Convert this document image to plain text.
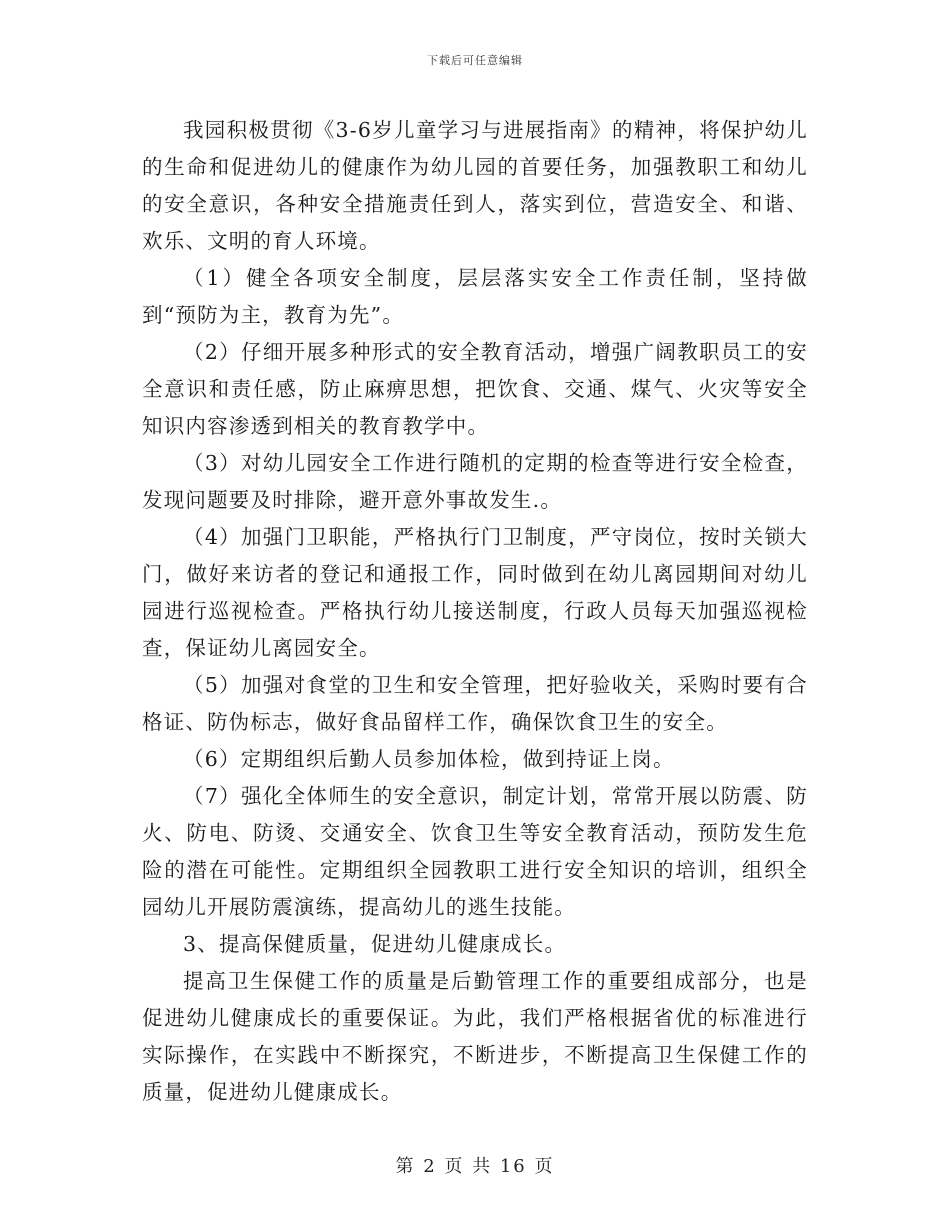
下载后可任意编辑

我园积极贯彻《3-6岁儿童学习与进展指南》的精神，将保护幼儿的生命和促进幼儿的健康作为幼儿园的首要任务，加强教职工和幼儿的安全意识，各种安全措施责任到人，落实到位，营造安全、和谐、欢乐、文明的育人环境。

（1）健全各项安全制度，层层落实安全工作责任制，坚持做到“预防为主，教育为先”。

（2）仔细开展多种形式的安全教育活动，增强广阔教职员工的安全意识和责任感，防止麻痹思想，把饮食、交通、煤气、火灾等安全知识内容渗透到相关的教育教学中。

（3）对幼儿园安全工作进行随机的定期的检查等进行安全检查，发现问题要及时排除，避开意外事故发生.。

（4）加强门卫职能，严格执行门卫制度，严守岗位，按时关锁大门，做好来访者的登记和通报工作，同时做到在幼儿离园期间对幼儿园进行巡视检查。严格执行幼儿接送制度，行政人员每天加强巡视检查，保证幼儿离园安全。

（5）加强对食堂的卫生和安全管理，把好验收关，采购时要有合格证、防伪标志，做好食品留样工作，确保饮食卫生的安全。

（6）定期组织后勤人员参加体检，做到持证上岗。

（7）强化全体师生的安全意识，制定计划，常常开展以防震、防火、防电、防烫、交通安全、饮食卫生等安全教育活动，预防发生危险的潜在可能性。定期组织全园教职工进行安全知识的培训，组织全园幼儿开展防震演练，提高幼儿的逃生技能。

3、提高保健质量，促进幼儿健康成长。

提高卫生保健工作的质量是后勤管理工作的重要组成部分，也是促进幼儿健康成长的重要保证。为此，我们严格根据省优的标准进行实际操作，在实践中不断探究，不断进步，不断提高卫生保健工作的质量，促进幼儿健康成长。

第 2 页 共 16 页
